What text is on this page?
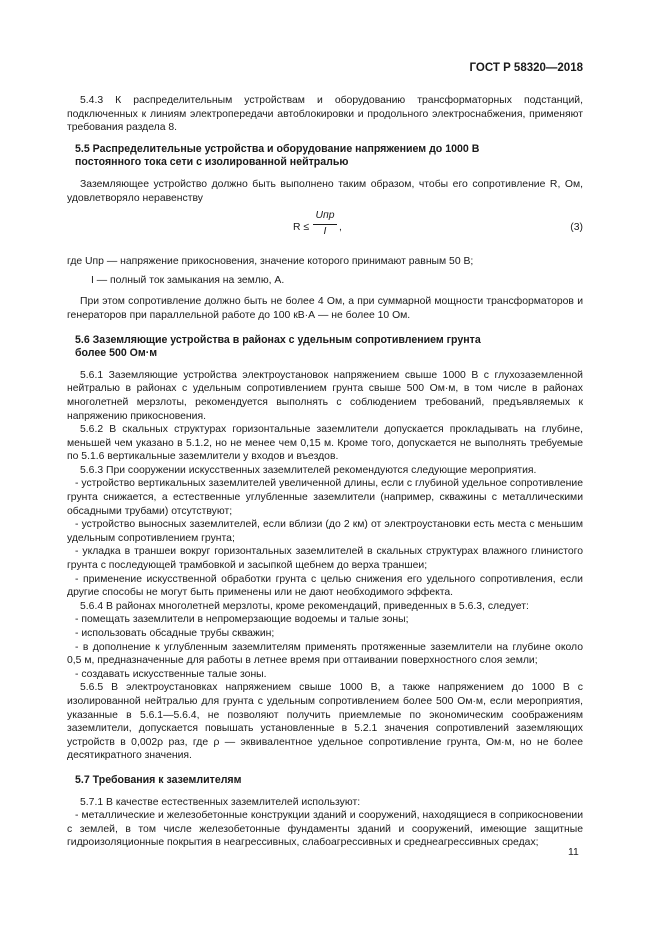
ГОСТ Р 58320—2018

5.4.3 К распределительным устройствам и оборудованию трансформаторных подстанций, подключенных к линиям электропередачи автоблокировки и продольного электроснабжения, применяют требования раздела 8.

5.5 Распределительные устройства и оборудование напряжением до 1000 В
постоянного тока сети с изолированной нейтралью

Заземляющее устройство должно быть выполнено таким образом, чтобы его сопротивление R, Ом, удовлетворяло неравенству

R ≤
Uпр
I	,	(3)

где Uпр — напряжение прикосновения, значение которого принимают равным 50 В;

I — полный ток замыкания на землю, А.

При этом сопротивление должно быть не более 4 Ом, а при суммарной мощности трансформаторов и генераторов при параллельной работе до 100 кВ·А — не более 10 Ом.

5.6 Заземляющие устройства в районах с удельным сопротивлением грунта
более 500 Ом·м

5.6.1 Заземляющие устройства электроустановок напряжением свыше 1000 В с глухозаземленной нейтралью в районах с удельным сопротивлением грунта свыше 500 Ом·м, в том числе в районах многолетней мерзлоты, рекомендуется выполнять с соблюдением требований, предъявляемых к напряжению прикосновения.

5.6.2 В скальных структурах горизонтальные заземлители допускается прокладывать на глубине, меньшей чем указано в 5.1.2, но не менее чем 0,15 м. Кроме того, допускается не выполнять требуемые по 5.1.6 вертикальные заземлители у входов и въездов.

5.6.3 При сооружении искусственных заземлителей рекомендуются следующие мероприятия.

- устройство вертикальных заземлителей увеличенной длины, если с глубиной удельное сопротивление грунта снижается, а естественные углубленные заземлители (например, скважины с металлическими обсадными трубами) отсутствуют;

- устройство выносных заземлителей, если вблизи (до 2 км) от электроустановки есть места с меньшим удельным сопротивлением грунта;

- укладка в траншеи вокруг горизонтальных заземлителей в скальных структурах влажного глинистого грунта с последующей трамбовкой и засыпкой щебнем до верха траншеи;

- применение искусственной обработки грунта с целью снижения его удельного сопротивления, если другие способы не могут быть применены или не дают необходимого эффекта.

5.6.4 В районах многолетней мерзлоты, кроме рекомендаций, приведенных в 5.6.3, следует:

- помещать заземлители в непромерзающие водоемы и талые зоны;

- использовать обсадные трубы скважин;

- в дополнение к углубленным заземлителям применять протяженные заземлители на глубине около 0,5 м, предназначенные для работы в летнее время при оттаивании поверхностного слоя земли;

- создавать искусственные талые зоны.

5.6.5 В электроустановках напряжением свыше 1000 В, а также напряжением до 1000 В с изолированной нейтралью для грунта с удельным сопротивлением более 500 Ом·м, если мероприятия, указанные в 5.6.1—5.6.4, не позволяют получить приемлемые по экономическим соображениям заземлители, допускается повышать установленные в 5.2.1 значения сопротивлений заземляющих устройств в 0,002ρ раз, где ρ — эквивалентное удельное сопротивление грунта, Ом·м, но не более десятикратного значения.

5.7 Требования к заземлителям

5.7.1 В качестве естественных заземлителей используют:

- металлические и железобетонные конструкции зданий и сооружений, находящиеся в соприкосновении с землей, в том числе железобетонные фундаменты зданий и сооружений, имеющие защитные гидроизоляционные покрытия в неагрессивных, слабоагрессивных и среднеагрессивных средах;

11
